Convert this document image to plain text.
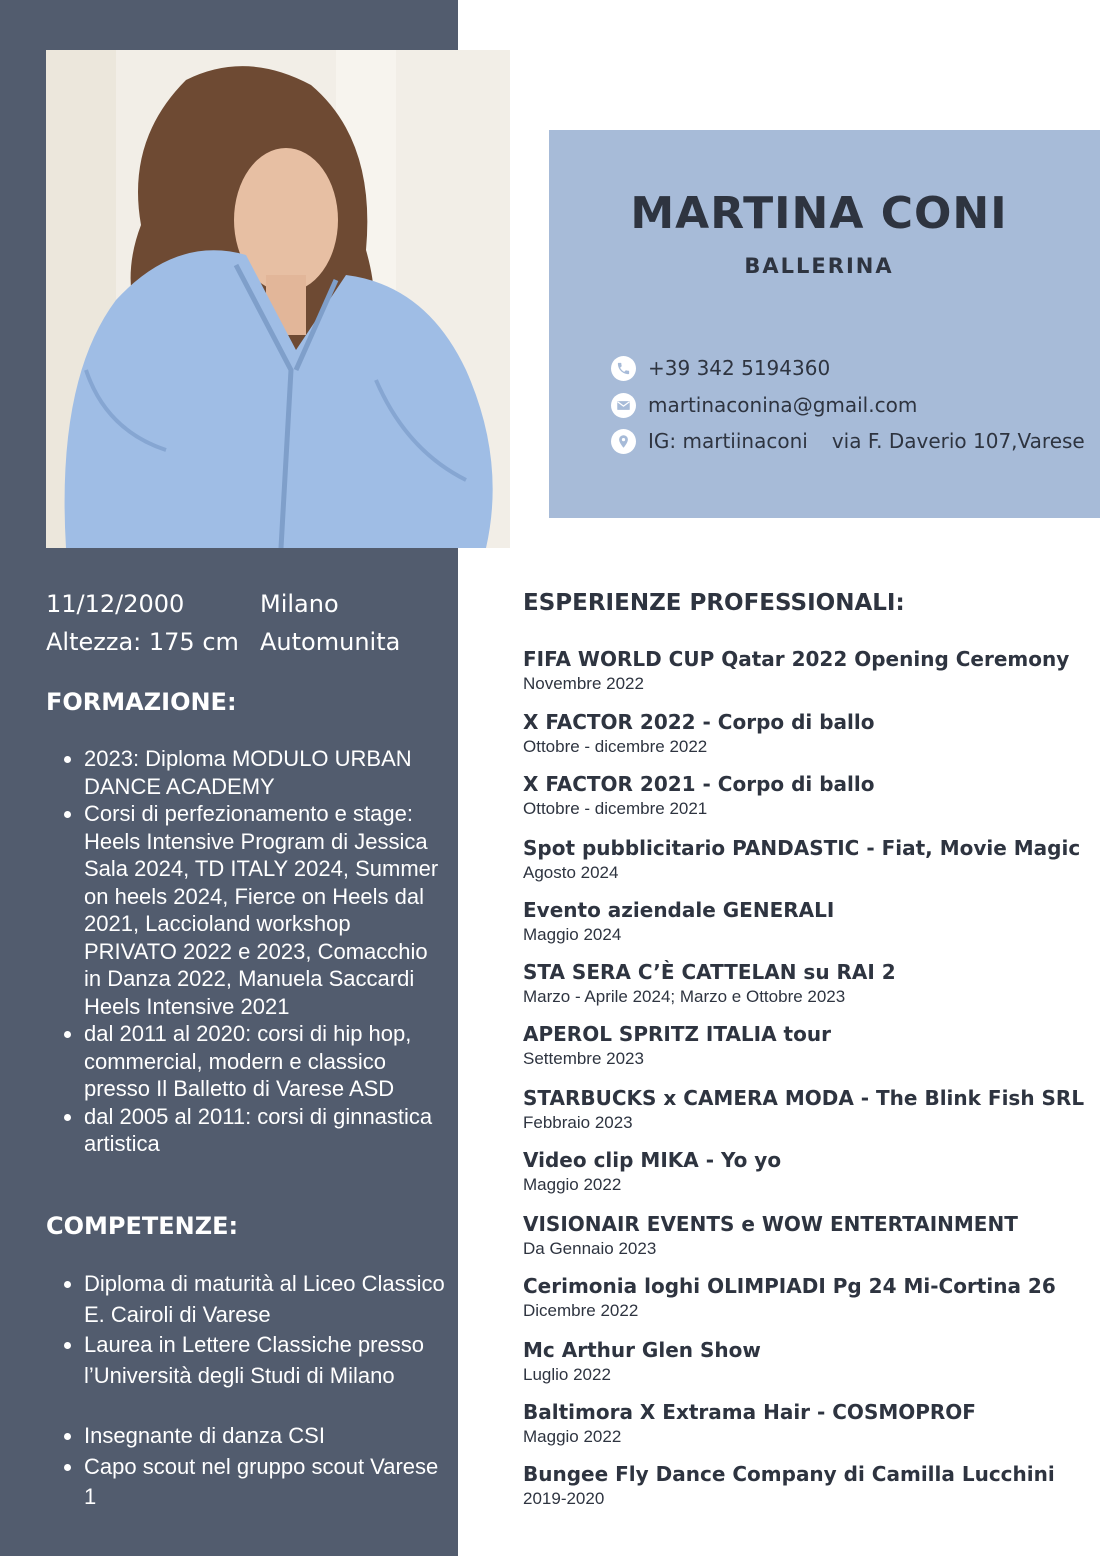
MARTINA CONI
BALLERINA
+39 342 5194360
martinaconina@gmail.com
IG: martiinaconi via F. Daverio 107,Varese
11/12/2000	Milano
Altezza: 175 cm Automunita
FORMAZIONE:
• 2023: Diploma MODULO URBAN DANCE ACADEMY
• Corsi di perfezionamento e stage: Heels Intensive Program di Jessica Sala 2024, TD ITALY 2024, Summer on heels 2024, Fierce on Heels dal 2021, Laccioland workshop PRIVATO 2022 e 2023, Comacchio in Danza 2022, Manuela Saccardi Heels Intensive 2021
• dal 2011 al 2020: corsi di hip hop, commercial, modern e classico presso Il Balletto di Varese ASD
• dal 2005 al 2011: corsi di ginnastica artistica
COMPETENZE:
• Diploma di maturità al Liceo Classico E. Cairoli di Varese
• Laurea in Lettere Classiche presso l’Università degli Studi di Milano
• Insegnante di danza CSI
• Capo scout nel gruppo scout Varese 1
ESPERIENZE PROFESSIONALI:
FIFA WORLD CUP Qatar 2022 Opening Ceremony
Novembre 2022
X FACTOR 2022 - Corpo di ballo
Ottobre - dicembre 2022
X FACTOR 2021 - Corpo di ballo
Ottobre - dicembre 2021
Spot pubblicitario PANDASTIC - Fiat, Movie Magic
Agosto 2024
Evento aziendale GENERALI
Maggio 2024
STA SERA C’È CATTELAN su RAI 2
Marzo - Aprile 2024; Marzo e Ottobre 2023
APEROL SPRITZ ITALIA tour
Settembre 2023
STARBUCKS x CAMERA MODA - The Blink Fish SRL
Febbraio 2023
Video clip MIKA - Yo yo
Maggio 2022
VISIONAIR EVENTS e WOW ENTERTAINMENT
Da Gennaio 2023
Cerimonia loghi OLIMPIADI Pg 24 Mi-Cortina 26
Dicembre 2022
Mc Arthur Glen Show
Luglio 2022
Baltimora X Extrama Hair - COSMOPROF
Maggio 2022
Bungee Fly Dance Company di Camilla Lucchini
2019-2020
